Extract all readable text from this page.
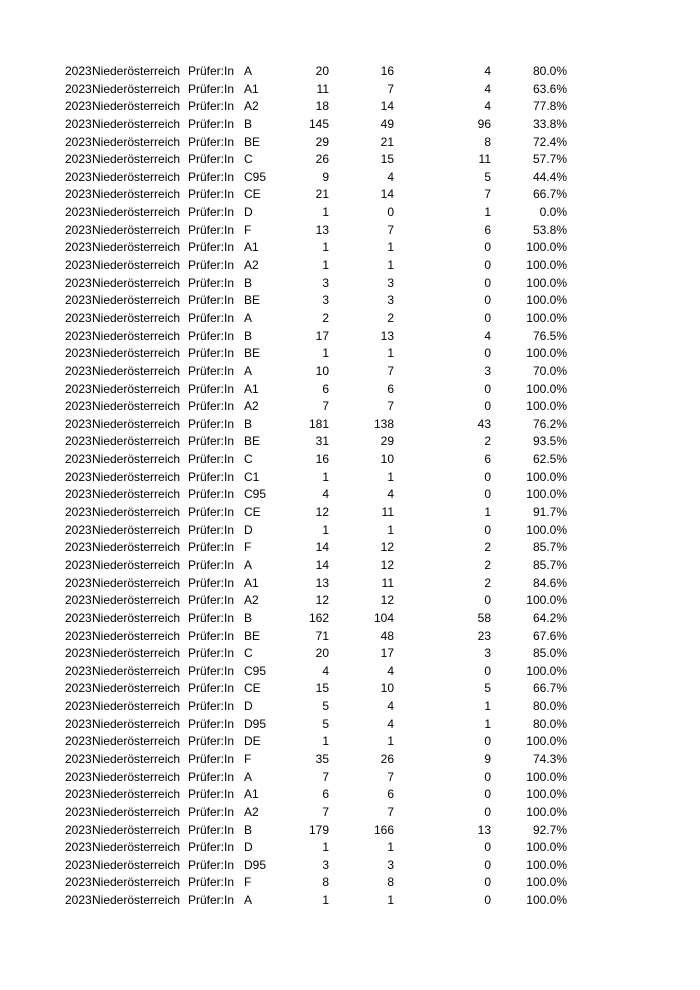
2023 Niederösterreich Prüfer:In A	20	16	4	80.0%
2023 Niederösterreich Prüfer:In A1	11	7	4	63.6%
2023 Niederösterreich Prüfer:In A2	18	14	4	77.8%
2023 Niederösterreich Prüfer:In B	145	49	96	33.8%
2023 Niederösterreich Prüfer:In BE	29	21	8	72.4%
2023 Niederösterreich Prüfer:In C	26	15	11	57.7%
2023 Niederösterreich Prüfer:In C95	9	4	5	44.4%
2023 Niederösterreich Prüfer:In CE	21	14	7	66.7%
2023 Niederösterreich Prüfer:In D	1	0	1	0.0%
2023 Niederösterreich Prüfer:In F	13	7	6	53.8%
2023 Niederösterreich Prüfer:In A1	1	1	0	100.0%
2023 Niederösterreich Prüfer:In A2	1	1	0	100.0%
2023 Niederösterreich Prüfer:In B	3	3	0	100.0%
2023 Niederösterreich Prüfer:In BE	3	3	0	100.0%
2023 Niederösterreich Prüfer:In A	2	2	0	100.0%
2023 Niederösterreich Prüfer:In B	17	13	4	76.5%
2023 Niederösterreich Prüfer:In BE	1	1	0	100.0%
2023 Niederösterreich Prüfer:In A	10	7	3	70.0%
2023 Niederösterreich Prüfer:In A1	6	6	0	100.0%
2023 Niederösterreich Prüfer:In A2	7	7	0	100.0%
2023 Niederösterreich Prüfer:In B	181	138	43	76.2%
2023 Niederösterreich Prüfer:In BE	31	29	2	93.5%
2023 Niederösterreich Prüfer:In C	16	10	6	62.5%
2023 Niederösterreich Prüfer:In C1	1	1	0	100.0%
2023 Niederösterreich Prüfer:In C95	4	4	0	100.0%
2023 Niederösterreich Prüfer:In CE	12	11	1	91.7%
2023 Niederösterreich Prüfer:In D	1	1	0	100.0%
2023 Niederösterreich Prüfer:In F	14	12	2	85.7%
2023 Niederösterreich Prüfer:In A	14	12	2	85.7%
2023 Niederösterreich Prüfer:In A1	13	11	2	84.6%
2023 Niederösterreich Prüfer:In A2	12	12	0	100.0%
2023 Niederösterreich Prüfer:In B	162	104	58	64.2%
2023 Niederösterreich Prüfer:In BE	71	48	23	67.6%
2023 Niederösterreich Prüfer:In C	20	17	3	85.0%
2023 Niederösterreich Prüfer:In C95	4	4	0	100.0%
2023 Niederösterreich Prüfer:In CE	15	10	5	66.7%
2023 Niederösterreich Prüfer:In D	5	4	1	80.0%
2023 Niederösterreich Prüfer:In D95	5	4	1	80.0%
2023 Niederösterreich Prüfer:In DE	1	1	0	100.0%
2023 Niederösterreich Prüfer:In F	35	26	9	74.3%
2023 Niederösterreich Prüfer:In A	7	7	0	100.0%
2023 Niederösterreich Prüfer:In A1	6	6	0	100.0%
2023 Niederösterreich Prüfer:In A2	7	7	0	100.0%
2023 Niederösterreich Prüfer:In B	179	166	13	92.7%
2023 Niederösterreich Prüfer:In D	1	1	0	100.0%
2023 Niederösterreich Prüfer:In D95	3	3	0	100.0%
2023 Niederösterreich Prüfer:In F	8	8	0	100.0%
2023 Niederösterreich Prüfer:In A	1	1	0	100.0%
